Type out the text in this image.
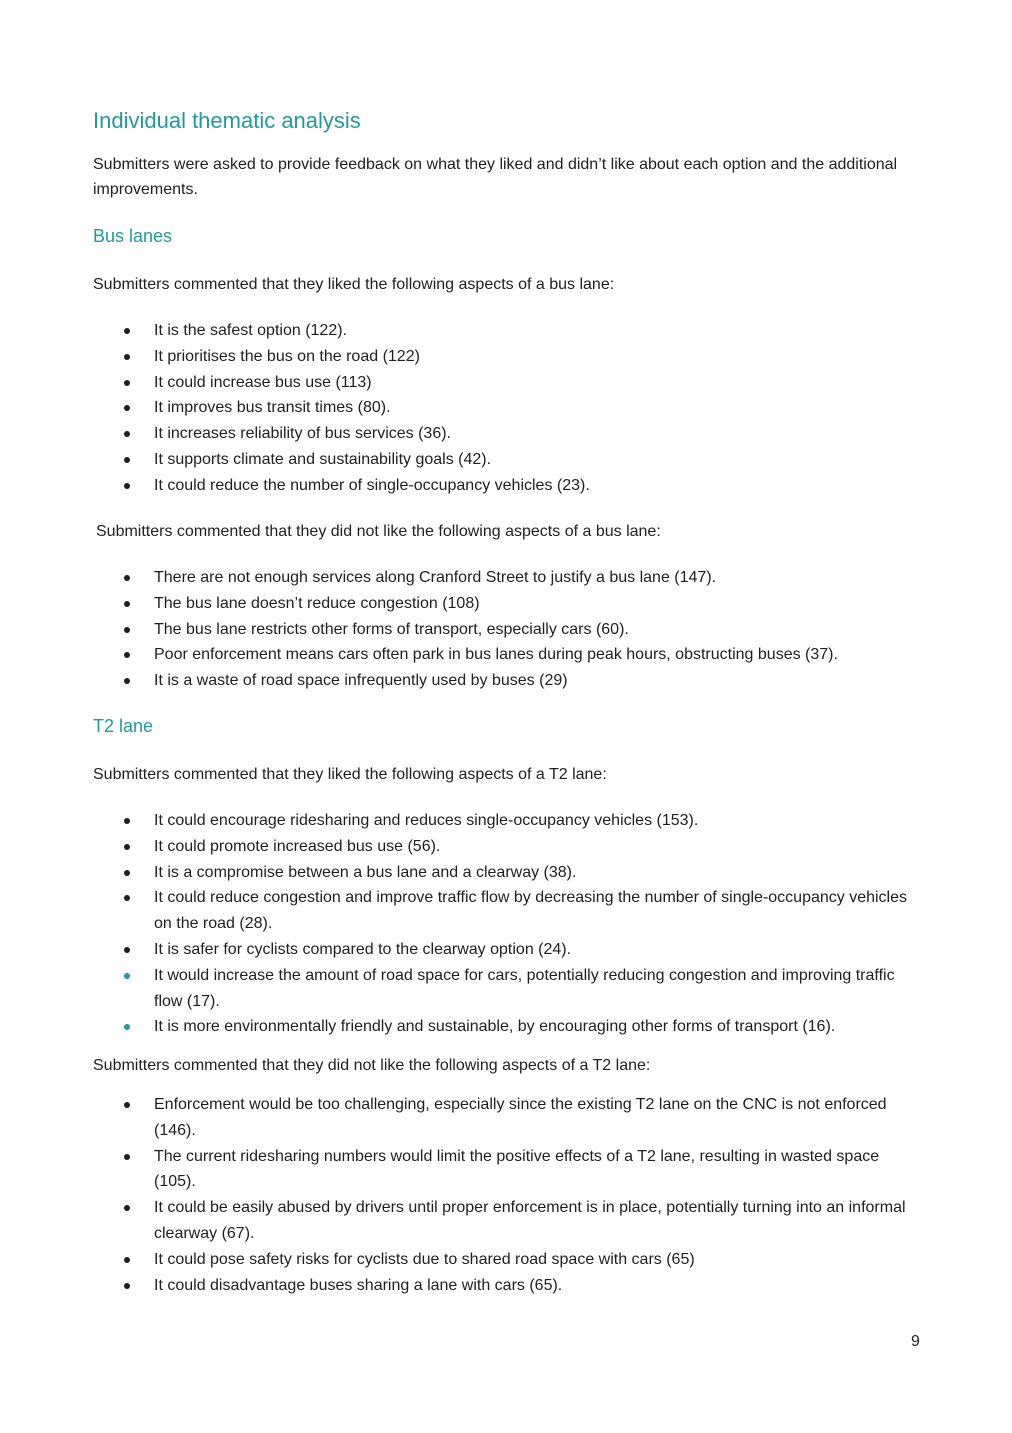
Individual thematic analysis

Submitters were asked to provide feedback on what they liked and didn’t like about each option and the additional improvements.

Bus lanes

Submitters commented that they liked the following aspects of a bus lane:

It is the safest option (122).
It prioritises the bus on the road (122)
It could increase bus use (113)
It improves bus transit times (80).
It increases reliability of bus services (36).
It supports climate and sustainability goals (42).
It could reduce the number of single-occupancy vehicles (23).

Submitters commented that they did not like the following aspects of a bus lane:

There are not enough services along Cranford Street to justify a bus lane (147).
The bus lane doesn’t reduce congestion (108)
The bus lane restricts other forms of transport, especially cars (60).
Poor enforcement means cars often park in bus lanes during peak hours, obstructing buses (37).
It is a waste of road space infrequently used by buses (29)
T2 lane

Submitters commented that they liked the following aspects of a T2 lane:

It could encourage ridesharing and reduces single-occupancy vehicles (153).
It could promote increased bus use (56).
It is a compromise between a bus lane and a clearway (38).
It could reduce congestion and improve traffic flow by decreasing the number of single-occupancy vehicles on the road (28).
It is safer for cyclists compared to the clearway option (24).
It would increase the amount of road space for cars, potentially reducing congestion and improving traffic flow (17).
It is more environmentally friendly and sustainable, by encouraging other forms of transport (16).

Submitters commented that they did not like the following aspects of a T2 lane:

Enforcement would be too challenging, especially since the existing T2 lane on the CNC is not enforced (146).
The current ridesharing numbers would limit the positive effects of a T2 lane, resulting in wasted space (105).
It could be easily abused by drivers until proper enforcement is in place, potentially turning into an informal clearway (67).
It could pose safety risks for cyclists due to shared road space with cars (65)
It could disadvantage buses sharing a lane with cars (65).
9
